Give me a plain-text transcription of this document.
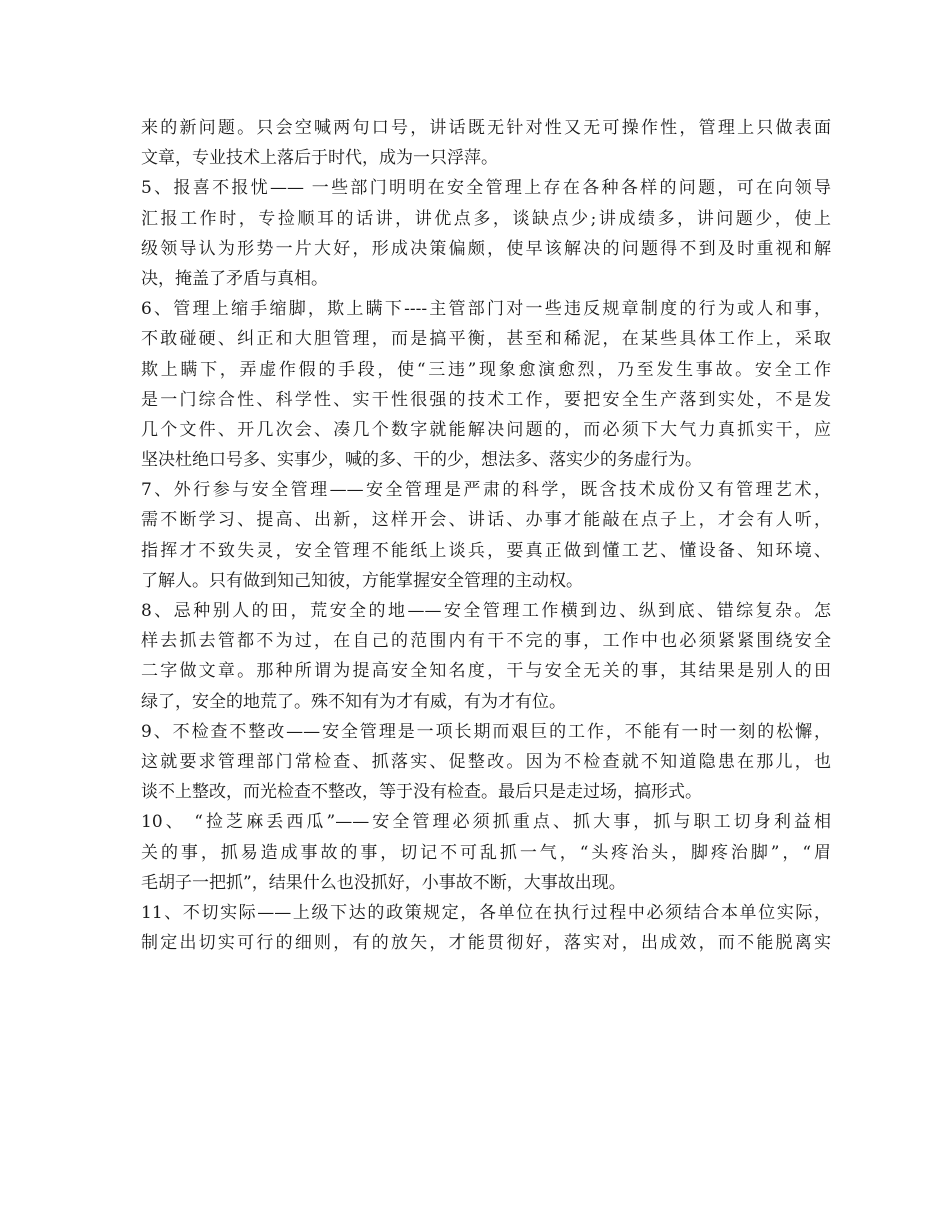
来的新问题。只会空喊两句口号，讲话既无针对性又无可操作性，管理上只做表面
文章，专业技术上落后于时代，成为一只浮萍。
5、报喜不报忧—— 一些部门明明在安全管理上存在各种各样的问题，可在向领导
汇报工作时，专捡顺耳的话讲，讲优点多，谈缺点少;讲成绩多，讲问题少，使上
级领导认为形势一片大好，形成决策偏颇，使早该解决的问题得不到及时重视和解
决，掩盖了矛盾与真相。
6、管理上缩手缩脚，欺上瞒下----主管部门对一些违反规章制度的行为或人和事，
不敢碰硬、纠正和大胆管理，而是搞平衡，甚至和稀泥，在某些具体工作上，采取
欺上瞒下，弄虚作假的手段，使“三违”现象愈演愈烈，乃至发生事故。安全工作
是一门综合性、科学性、实干性很强的技术工作，要把安全生产落到实处，不是发
几个文件、开几次会、凑几个数字就能解决问题的，而必须下大气力真抓实干，应
坚决杜绝口号多、实事少，喊的多、干的少，想法多、落实少的务虚行为。
7、外行参与安全管理——安全管理是严肃的科学，既含技术成份又有管理艺术，
需不断学习、提高、出新，这样开会、讲话、办事才能敲在点子上，才会有人听，
指挥才不致失灵，安全管理不能纸上谈兵，要真正做到懂工艺、懂设备、知环境、
了解人。只有做到知己知彼，方能掌握安全管理的主动权。
8、忌种别人的田，荒安全的地——安全管理工作横到边、纵到底、错综复杂。怎
样去抓去管都不为过，在自己的范围内有干不完的事，工作中也必须紧紧围绕安全
二字做文章。那种所谓为提高安全知名度，干与安全无关的事，其结果是别人的田
绿了，安全的地荒了。殊不知有为才有威，有为才有位。
9、不检查不整改——安全管理是一项长期而艰巨的工作，不能有一时一刻的松懈，
这就要求管理部门常检查、抓落实、促整改。因为不检查就不知道隐患在那儿，也
谈不上整改，而光检查不整改，等于没有检查。最后只是走过场，搞形式。
10、 “捡芝麻丢西瓜”——安全管理必须抓重点、抓大事，抓与职工切身利益相
关的事，抓易造成事故的事，切记不可乱抓一气，“头疼治头，脚疼治脚”，“眉
毛胡子一把抓”，结果什么也没抓好，小事故不断，大事故出现。
11、不切实际——上级下达的政策规定，各单位在执行过程中必须结合本单位实际，
制定出切实可行的细则，有的放矢，才能贯彻好，落实对，出成效，而不能脱离实
